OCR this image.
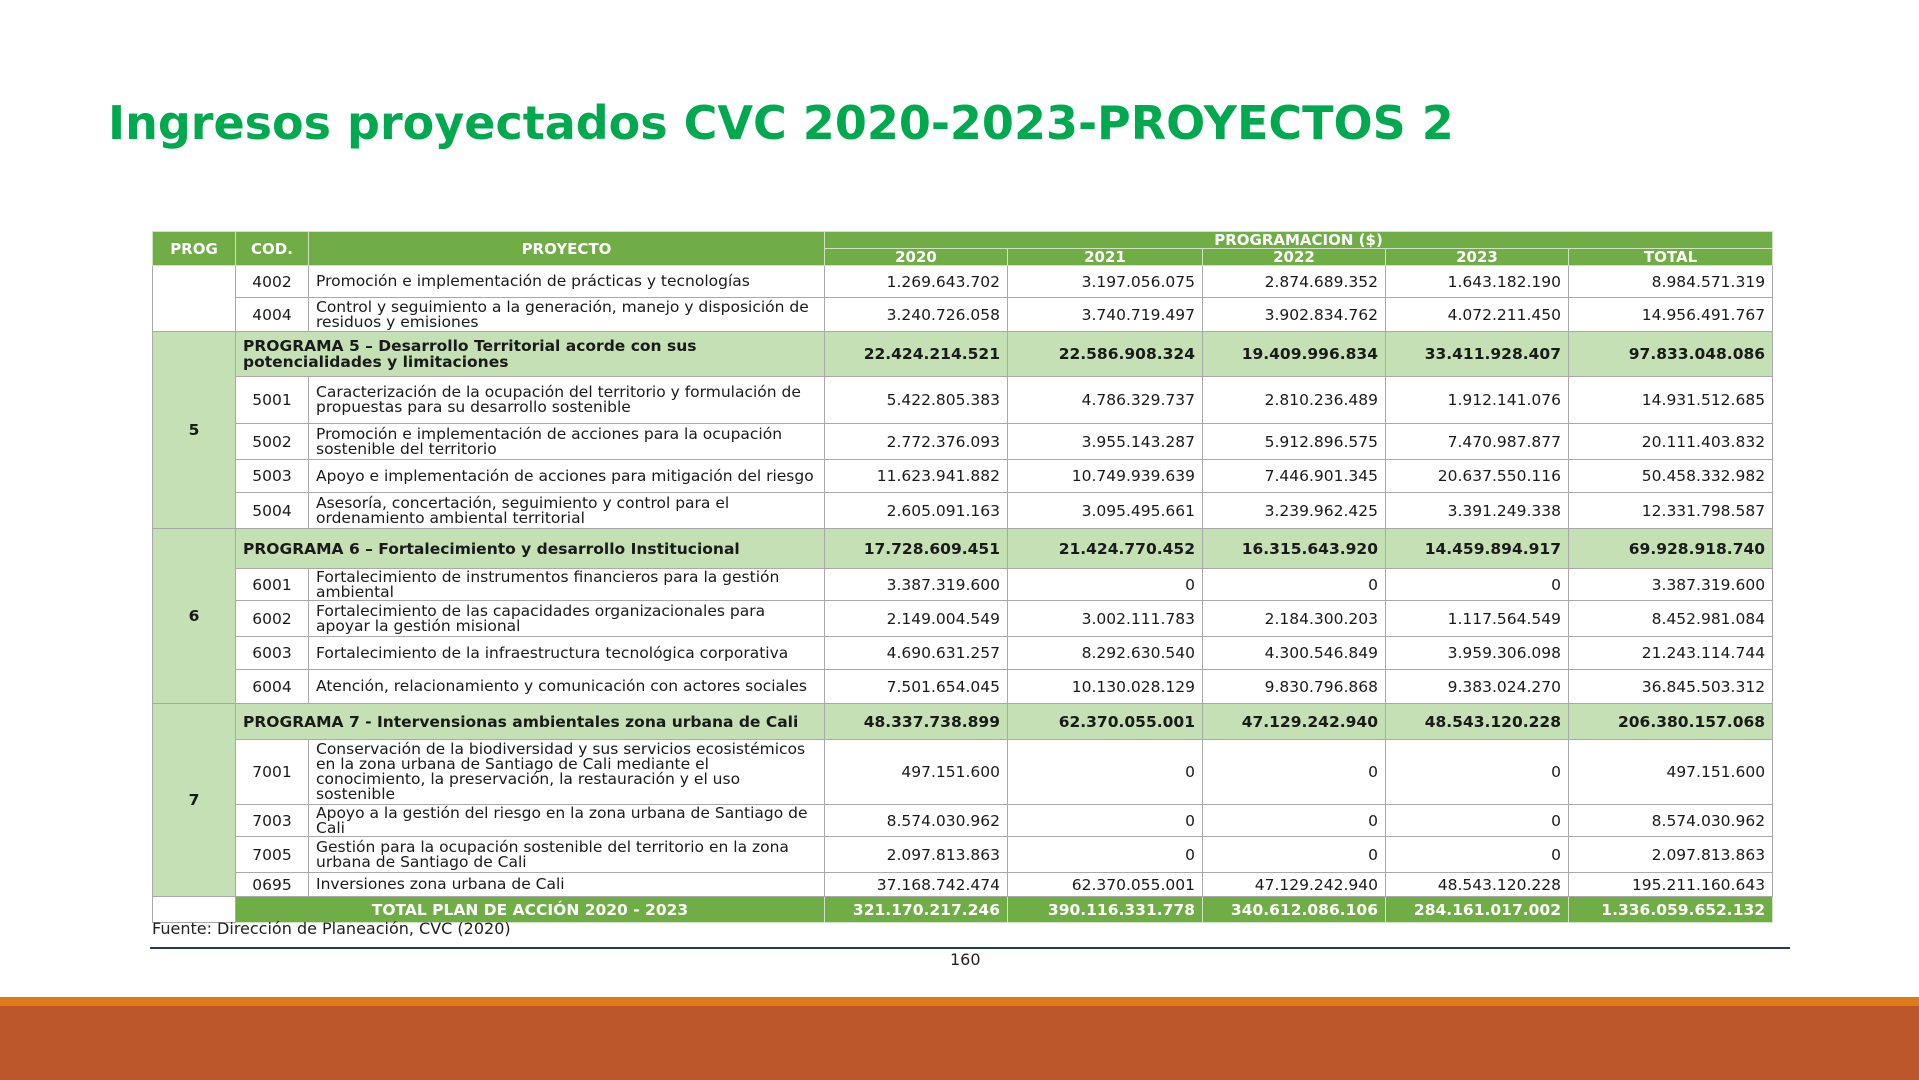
Ingresos proyectados CVC 2020-2023-PROYECTOS 2
PROG	COD.	PROYECTO	PROGRAMACION ($)				
			2020	2021	2022	2023	TOTAL
	4002	Promoción e implementación de prácticas y tecnologías	1.269.643.702	3.197.056.075	2.874.689.352	1.643.182.190	8.984.571.319
	4004	Control y seguimiento a la generación, manejo y disposición de residuos y emisiones	3.240.726.058	3.740.719.497	3.902.834.762	4.072.211.450	14.956.491.767
5	PROGRAMA 5 – Desarrollo Territorial acorde con sus potencialidades y limitaciones		22.424.214.521	22.586.908.324	19.409.996.834	33.411.928.407	97.833.048.086
	5001	Caracterización de la ocupación del territorio y formulación de propuestas para su desarrollo sostenible	5.422.805.383	4.786.329.737	2.810.236.489	1.912.141.076	14.931.512.685
	5002	Promoción e implementación de acciones para la ocupación sostenible del territorio	2.772.376.093	3.955.143.287	5.912.896.575	7.470.987.877	20.111.403.832
	5003	Apoyo e implementación de acciones para mitigación del riesgo	11.623.941.882	10.749.939.639	7.446.901.345	20.637.550.116	50.458.332.982
	5004	Asesoría, concertación, seguimiento y control para el ordenamiento ambiental territorial	2.605.091.163	3.095.495.661	3.239.962.425	3.391.249.338	12.331.798.587
6	PROGRAMA 6 – Fortalecimiento y desarrollo Institucional		17.728.609.451	21.424.770.452	16.315.643.920	14.459.894.917	69.928.918.740
	6001	Fortalecimiento de instrumentos financieros para la gestión ambiental	3.387.319.600	0	0	0	3.387.319.600
	6002	Fortalecimiento de las capacidades organizacionales para apoyar la gestión misional	2.149.004.549	3.002.111.783	2.184.300.203	1.117.564.549	8.452.981.084
	6003	Fortalecimiento de la infraestructura tecnológica corporativa	4.690.631.257	8.292.630.540	4.300.546.849	3.959.306.098	21.243.114.744
	6004	Atención, relacionamiento y comunicación con actores sociales	7.501.654.045	10.130.028.129	9.830.796.868	9.383.024.270	36.845.503.312
7	PROGRAMA 7 - Intervensionas ambientales zona urbana de Cali		48.337.738.899	62.370.055.001	47.129.242.940	48.543.120.228	206.380.157.068
	7001	Conservación de la biodiversidad y sus servicios ecosistémicos en la zona urbana de Santiago de Cali mediante el conocimiento, la preservación, la restauración y el uso sostenible	497.151.600	0	0	0	497.151.600
	7003	Apoyo a la gestión del riesgo en la zona urbana de Santiago de Cali	8.574.030.962	0	0	0	8.574.030.962
	7005	Gestión para la ocupación sostenible del territorio en la zona urbana de Santiago de Cali	2.097.813.863	0	0	0	2.097.813.863
	0695	Inversiones zona urbana de Cali	37.168.742.474	62.370.055.001	47.129.242.940	48.543.120.228	195.211.160.643
	TOTAL PLAN DE ACCIÓN 2020 - 2023		321.170.217.246	390.116.331.778	340.612.086.106	284.161.017.002	1.336.059.652.132
Fuente: Dirección de Planeación, CVC (2020)
160
